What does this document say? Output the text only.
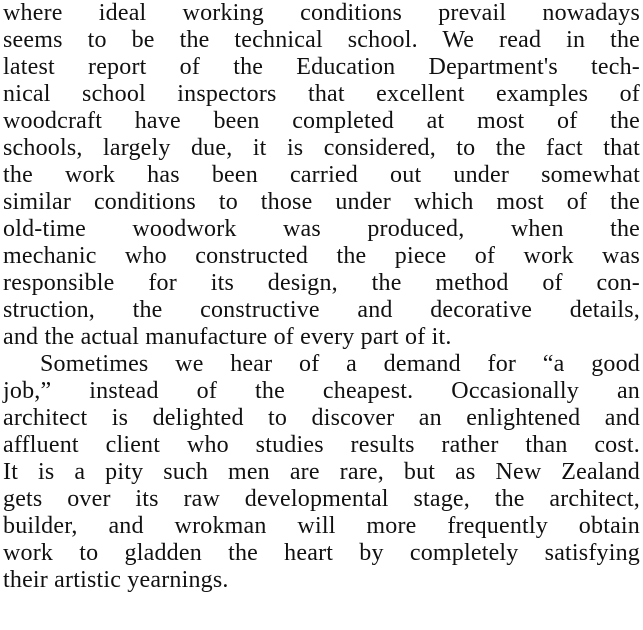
where ideal working conditions prevail nowadays
seems to be the technical school. We read in the
latest report of the Education Department's tech-
nical school inspectors that excellent examples of
woodcraft have been completed at most of the
schools, largely due, it is considered, to the fact that
the work has been carried out under somewhat
similar conditions to those under which most of the
old-time woodwork was produced, when the
mechanic who constructed the piece of work was
responsible for its design, the method of con-
struction, the constructive and decorative details,
and the actual manufacture of every part of it.
Sometimes we hear of a demand for “a good
job,” instead of the cheapest. Occasionally an
architect is delighted to discover an enlightened and
affluent client who studies results rather than cost.
It is a pity such men are rare, but as New Zealand
gets over its raw developmental stage, the architect,
builder, and wrokman will more frequently obtain
work to gladden the heart by completely satisfying
their artistic yearnings.
